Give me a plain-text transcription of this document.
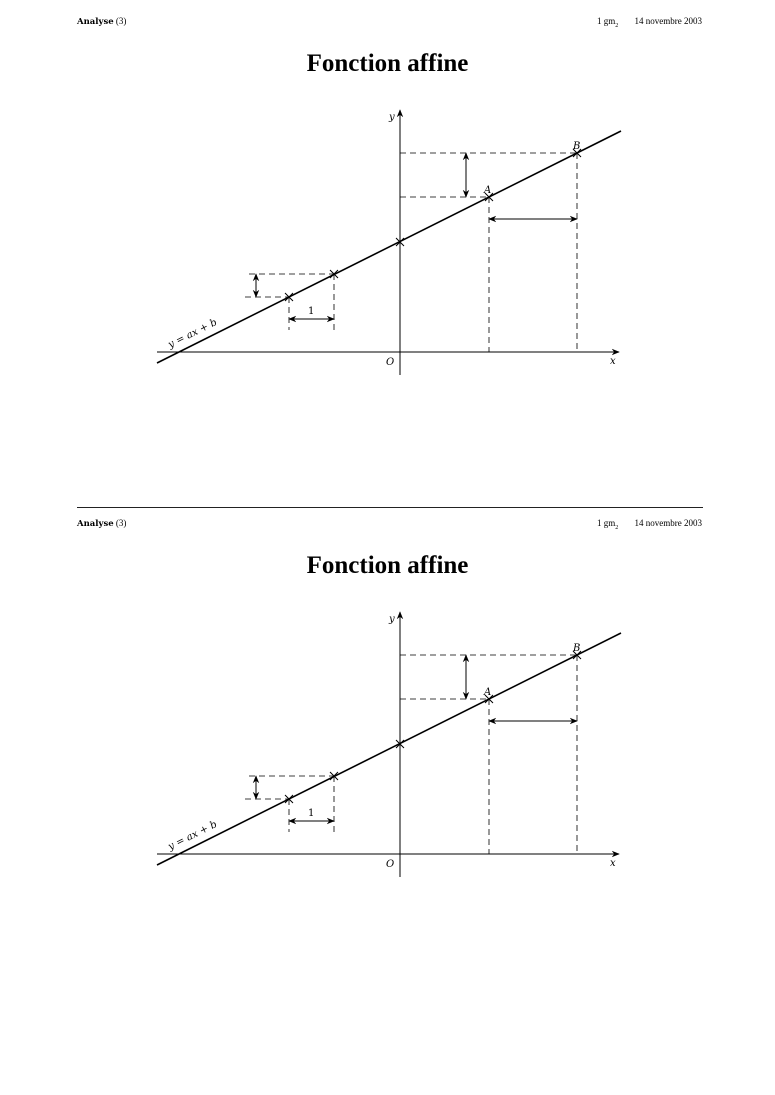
Analyse (3)	1 $gm_2$ 14 novembre 2003
Fonction affine
B
A
y
x
O
1
y = ax + b
Analyse (3)	1 $gm_2$ 14 novembre 2003
Fonction affine
B
A
y
x
O
1
y = ax + b
